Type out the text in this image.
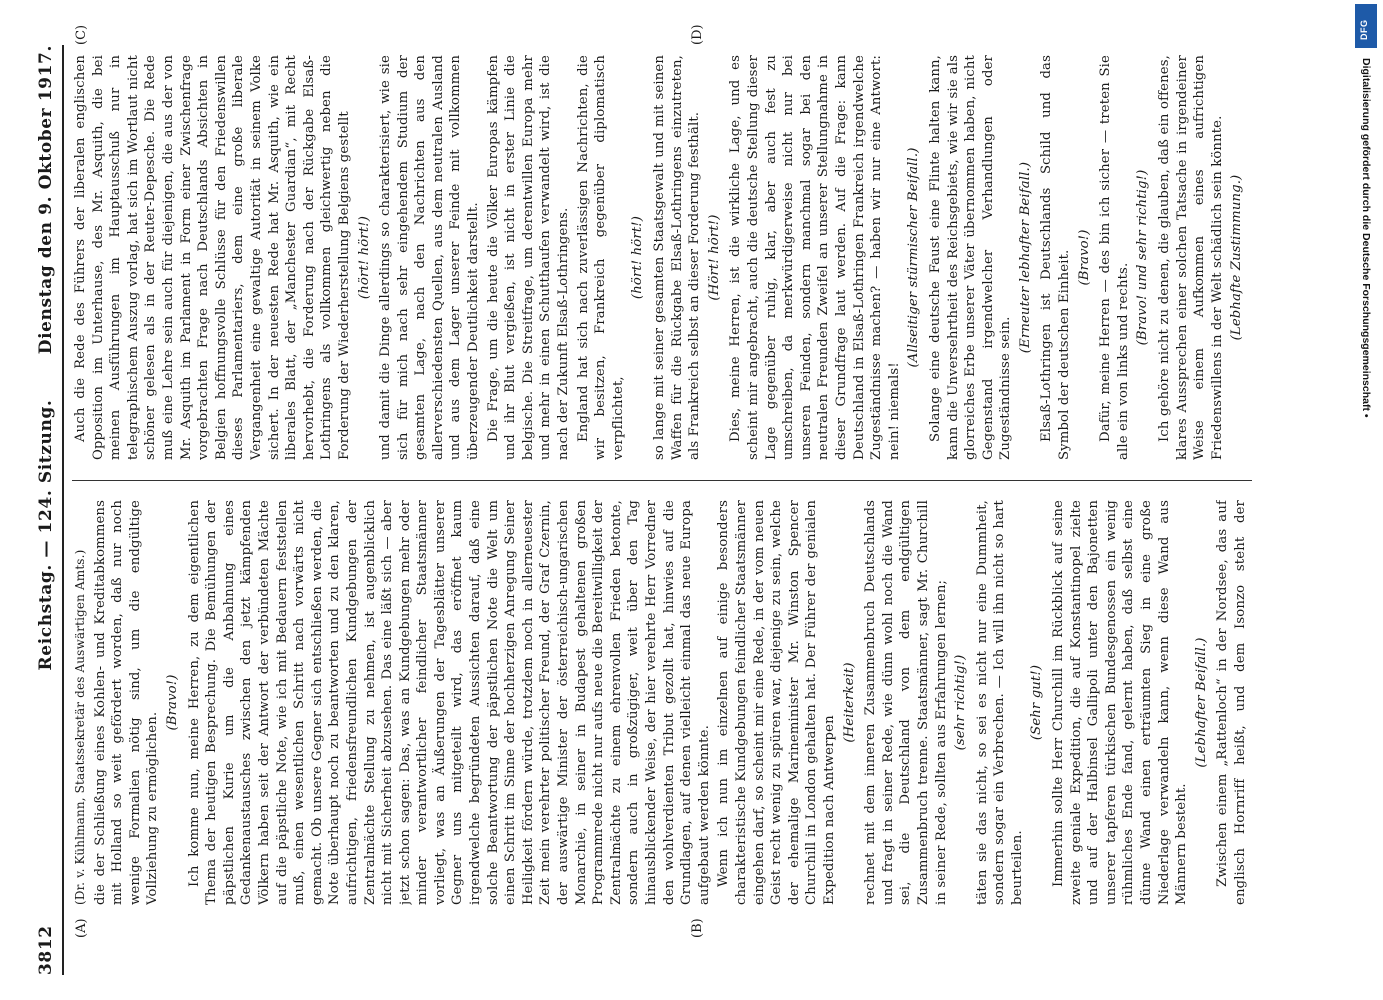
3812
Reichstag. — 124. Sitzung.
Dienstag den 9. Oktober 1917.
(A)	(B)
(C)	(D)

(Dr. v. Kühlmann, Staatssekretär des Auswärtigen Amts.) die der Schließung eines Kohlen- und Kreditabkommens mit Holland so weit gefördert worden, daß nur noch wenige Formalien nötig sind, um die endgültige Vollziehung zu ermöglichen.

(Bravo!) Ich komme nun, meine Herren, zu dem eigentlichen Thema der heutigen Besprechung. Die Bemühungen der päpstlichen Kurie um die Anbahnung eines Gedankenaustausches zwischen den jetzt kämpfenden Völkern haben seit der Antwort der verbündeten Mächte auf die päpstliche Note, wie ich mit Bedauern feststellen muß, einen wesentlichen Schritt nach vorwärts nicht gemacht. Ob unsere Gegner sich entschließen werden, die Note überhaupt noch zu beantworten und zu den klaren, aufrichtigen, friedensfreundlichen Kundgebungen der Zentralmächte Stellung zu nehmen, ist augenblicklich nicht mit Sicherheit abzusehen. Das eine läßt sich — aber jetzt schon sagen: Das, was an Kundgebungen mehr oder minder verantwortlicher feindlicher Staatsmänner vorliegt, was an Äußerungen der Tagesblätter unserer Gegner uns mitgeteilt wird, das eröffnet kaum irgendwelche begründeten Aussichten darauf, daß eine solche Beantwortung der päpstlichen Note die Welt um einen Schritt im Sinne der hochherzigen Anregung Seiner Heiligkeit fördern würde, trotzdem noch in allerneuester Zeit mein verehrter politischer Freund, der Graf Czernin, der auswärtige Minister der österreichisch-ungarischen Monarchie, in seiner in Budapest gehaltenen großen Programmrede nicht nur aufs neue die Bereitwilligkeit der Zentralmächte zu einem ehrenvollen Frieden betonte, sondern auch in großzügiger, weit über den Tag hinausblickender Weise, der hier verehrte Herr Vorredner den wohlverdienten Tribut gezollt hat, hinwies auf die Grundlagen, auf denen vielleicht einmal das neue Europa aufgebaut werden könnte. Wenn ich nun im einzelnen auf einige besonders charakteristische Kundgebungen feindlicher Staatsmänner eingehen darf, so scheint mir eine Rede, in der vom neuen Geist recht wenig zu spüren war, diejenige zu sein, welche der ehemalige Marineminister Mr. Winston Spencer Churchill in London gehalten hat. Der Führer der genialen Expedition nach Antwerpen

(Heiterkeit) rechnet mit dem inneren Zusammenbruch Deutschlands und fragt in seiner Rede, wie dünn wohl noch die Wand sei, die Deutschland von dem endgültigen Zusammenbruch trenne. Staatsmänner, sagt Mr. Churchill in seiner Rede, sollten aus Erfahrungen lernen; (sehr richtig!) täten sie das nicht, so sei es nicht nur eine Dummheit, sondern sogar ein Verbrechen. — Ich will ihn nicht so hart beurteilen.

(Sehr gut!) Immerhin sollte Herr Churchill im Rückblick auf seine zweite geniale Expedition, die auf Konstantinopel zielte und auf der Halbinsel Gallipoli unter den Bajonetten unserer tapferen türkischen Bundesgenossen ein wenig rühmliches Ende fand, gelernt haben, daß selbst eine dünne Wand einen erträumten Sieg in eine große Niederlage verwandeln kann, wenn diese Wand aus Männern besteht.

(Lebhafter Beifall.)

Zwischen einem „Rattenloch“ in der Nordsee, das auf englisch Hornriff heißt, und dem Isonzo steht der

Auch die Rede des Führers der liberalen englischen Opposition im Unterhause, des Mr. Asquith, die bei meinen Ausführungen im Hauptausschuß nur in telegraphischem Auszug vorlag, hat sich im Wortlaut nicht schöner gelesen als in der Reuter-Depesche. Die Rede muß eine Lehre sein auch für diejenigen, die aus der von Mr. Asquith im Parlament in Form einer Zwischenfrage vorgebrachten Frage nach Deutschlands Absichten in Belgien hoffnungsvolle Schlüsse für den Friedenswillen dieses Parlamentariers, dem eine große liberale Vergangenheit eine gewaltige Autorität in seinem Volke sichert. In der neuesten Rede hat Mr. Asquith, wie ein liberales Blatt, der „Manchester Guardian“, mit Recht hervorhebt, die Forderung nach der Rückgabe Elsaß-Lothringens als vollkommen gleichwertig neben die Forderung der Wiederherstellung Belgiens gestellt (hört! hört!) und damit die Dinge allerdings so charakterisiert, wie sie sich für mich nach sehr eingehendem Studium der gesamten Lage, nach den Nachrichten aus den allerverschiedensten Quellen, aus dem neutralen Ausland und aus dem Lager unserer Feinde mit vollkommen überzeugender Deutlichkeit darstellt. Die Frage, um die heute die Völker Europas kämpfen und ihr Blut vergießen, ist nicht in erster Linie die belgische. Die Streitfrage, um derentwillen Europa mehr und mehr in einen Schutthaufen verwandelt wird, ist die nach der Zukunft Elsaß-Lothringens. England hat sich nach zuverlässigen Nachrichten, die wir besitzen, Frankreich gegenüber diplomatisch verpflichtet,

(hört! hört!) so lange mit seiner gesamten Staatsgewalt und mit seinen Waffen für die Rückgabe Elsaß-Lothringens einzutreten, als Frankreich selbst an dieser Forderung festhält. (Hört! hört!) Dies, meine Herren, ist die wirkliche Lage, und es scheint mir angebracht, auch die deutsche Stellung dieser Lage gegenüber ruhig, klar, aber auch fest zu umschreiben, da merkwürdigerweise nicht nur bei unseren Feinden, sondern manchmal sogar bei den neutralen Freunden Zweifel an unserer Stellungnahme in dieser Grundfrage laut werden. Auf die Frage: kann Deutschland in Elsaß-Lothringen Frankreich irgendwelche Zugeständnisse machen? — haben wir nur eine Antwort: nein! niemals!

(Allseitiger stürmischer Beifall.) Solange eine deutsche Faust eine Flinte halten kann, kann die Unversehrtheit des Reichsgebiets, wie wir sie als glorreiches Erbe unserer Väter übernommen haben, nicht Gegenstand irgendwelcher Verhandlungen oder Zugeständnisse sein.

(Erneuter lebhafter Beifall.) Elsaß-Lothringen ist Deutschlands Schild und das Symbol der deutschen Einheit. (Bravo!) Dafür, meine Herren — des bin ich sicher — treten Sie alle ein von links und rechts.

(Bravo! und sehr richtig!) Ich gehöre nicht zu denen, die glauben, daß ein offenes, klares Aussprechen einer solchen Tatsache in irgendeiner Weise einem Aufkommen eines aufrichtigen Friedenswillens in der Welt schädlich sein könnte. (Lebhafte Zustimmung.)

DFG
Digitalisierung gefördert durch die Deutsche Forschungsgemeinschaft •
